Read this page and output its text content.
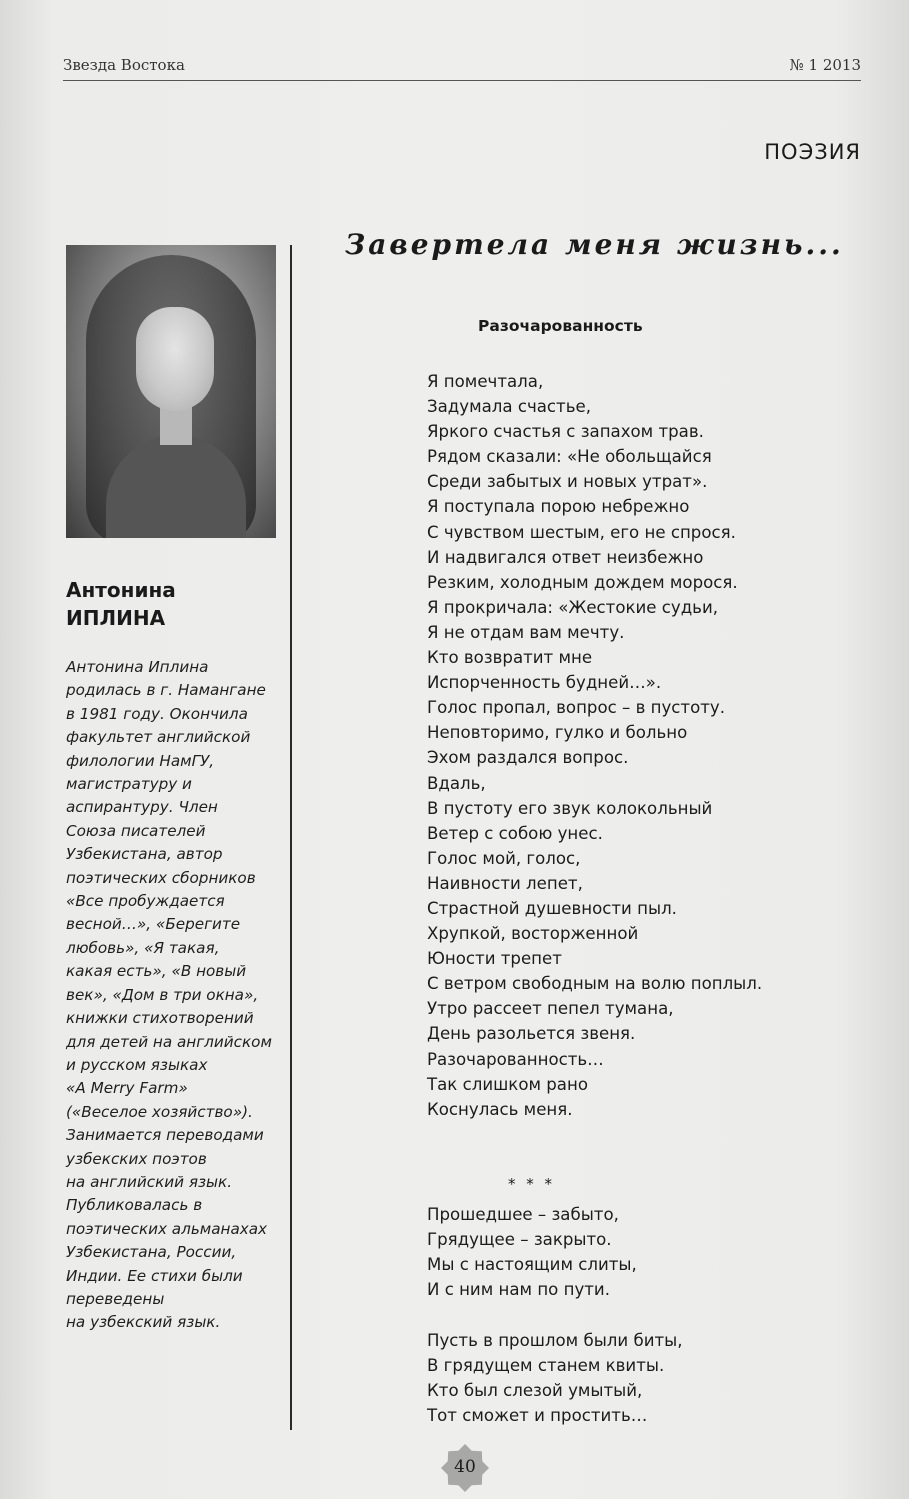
Звезда Востока	№ 1 2013
ПОЭЗИЯ
Завертела меня жизнь...
Антонина
ИПЛИНА
Антонина Иплина
родилась в г. Намангане
в 1981 году. Окончила
факультет английской
филологии НамГУ,
магистратуру и
аспирантуру. Член
Союза писателей
Узбекистана, автор
поэтических сборников
«Все пробуждается
весной…», «Берегите
любовь», «Я такая,
какая есть», «В новый
век», «Дом в три окна»,
книжки стихотворений
для детей на английском
и русском языках
«A Merry Farm»
(«Веселое хозяйство»).
Занимается переводами
узбекских поэтов
на английский язык.
Публиковалась в
поэтических альманахах
Узбекистана, России,
Индии. Ее стихи были
переведены
на узбекский язык.
Разочарованность
Я помечтала,
Задумала счастье,
Яркого счастья с запахом трав.
Рядом сказали: «Не обольщайся
Среди забытых и новых утрат».
Я поступала порою небрежно
С чувством шестым, его не спрося.
И надвигался ответ неизбежно
Резким, холодным дождем морося.
Я прокричала: «Жестокие судьи,
Я не отдам вам мечту.
Кто возвратит мне
Испорченность будней…».
Голос пропал, вопрос – в пустоту.
Неповторимо, гулко и больно
Эхом раздался вопрос.
Вдаль,
В пустоту его звук колокольный
Ветер с собою унес.
Голос мой, голос,
Наивности лепет,
Страстной душевности пыл.
Хрупкой, восторженной
Юности трепет
С ветром свободным на волю поплыл.
Утро рассеет пепел тумана,
День разольется звеня.
Разочарованность…
Так слишком рано
Коснулась меня.
* * *
Прошедшее – забыто,
Грядущее – закрыто.
Мы с настоящим слиты,
И с ним нам по пути.
Пусть в прошлом были биты,
В грядущем станем квиты.
Кто был слезой умытый,
Тот сможет и простить…
40
